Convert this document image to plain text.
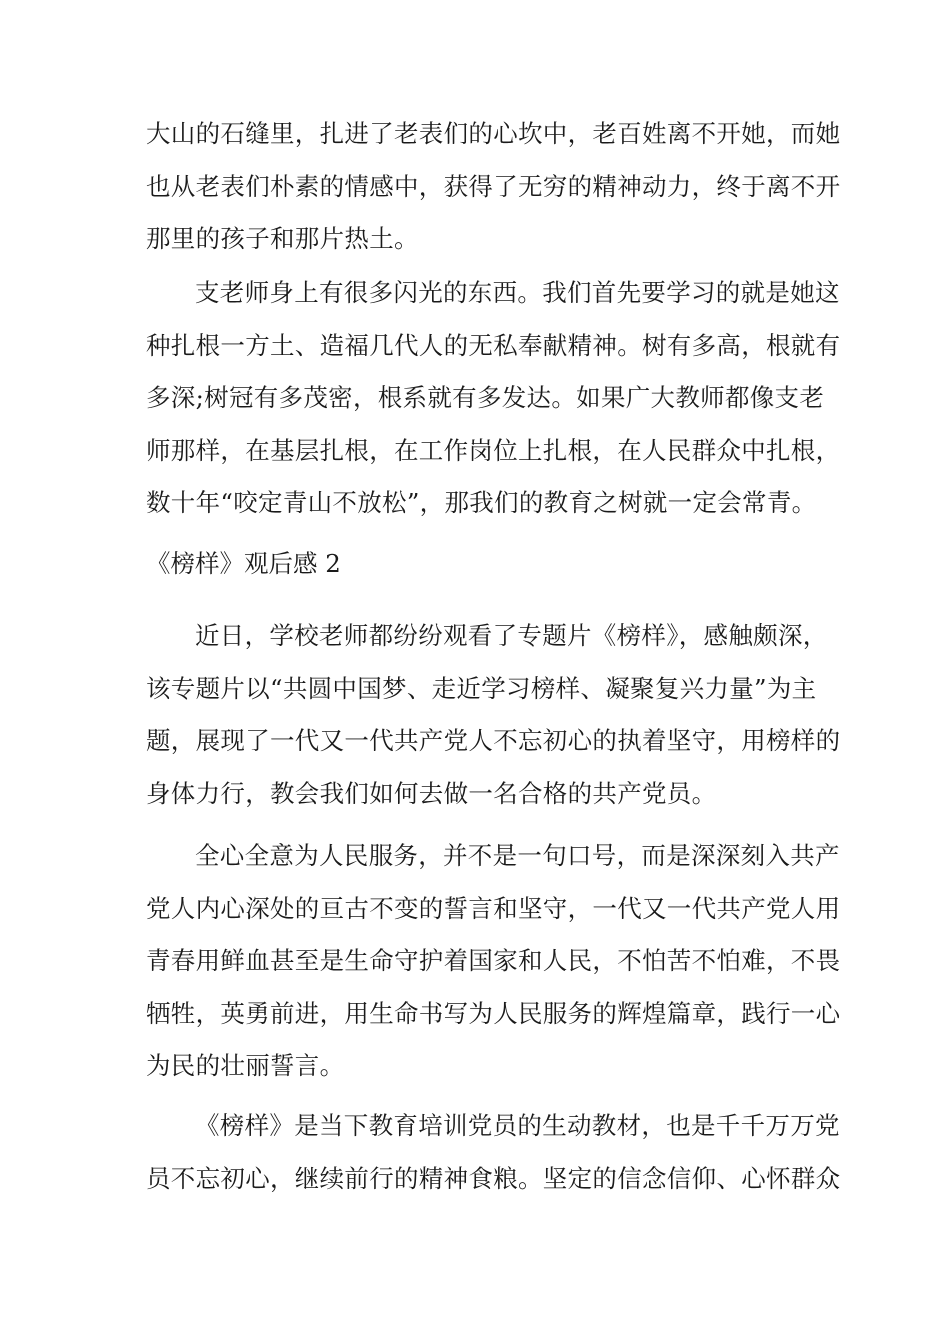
大山的石缝里，扎进了老表们的心坎中，老百姓离不开她，而她
也从老表们朴素的情感中，获得了无穷的精神动力，终于离不开
那里的孩子和那片热土。
支老师身上有很多闪光的东西。我们首先要学习的就是她这
种扎根一方土、造福几代人的无私奉献精神。树有多高，根就有
多深;树冠有多茂密，根系就有多发达。如果广大教师都像支老
师那样，在基层扎根，在工作岗位上扎根，在人民群众中扎根，
数十年“咬定青山不放松”，那我们的教育之树就一定会常青。
《榜样》观后感 2
近日，学校老师都纷纷观看了专题片《榜样》，感触颇深，
该专题片以“共圆中国梦、走近学习榜样、凝聚复兴力量”为主
题，展现了一代又一代共产党人不忘初心的执着坚守，用榜样的
身体力行，教会我们如何去做一名合格的共产党员。
全心全意为人民服务，并不是一句口号，而是深深刻入共产
党人内心深处的亘古不变的誓言和坚守，一代又一代共产党人用
青春用鲜血甚至是生命守护着国家和人民，不怕苦不怕难，不畏
牺牲，英勇前进，用生命书写为人民服务的辉煌篇章，践行一心
为民的壮丽誓言。
《榜样》是当下教育培训党员的生动教材，也是千千万万党
员不忘初心，继续前行的精神食粮。坚定的信念信仰、心怀群众
